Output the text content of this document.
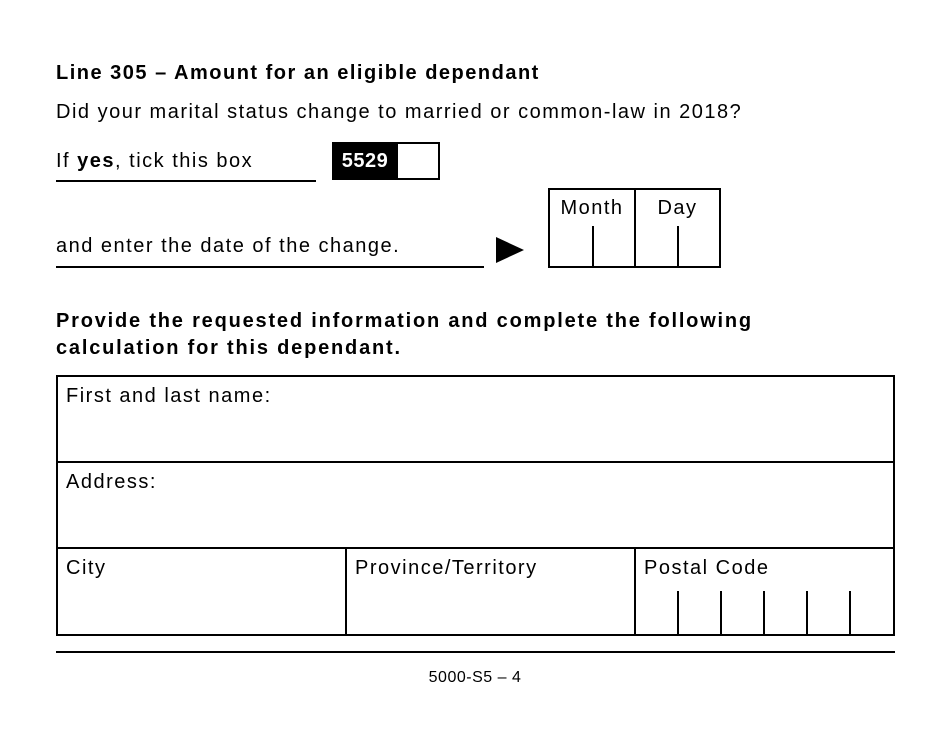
Line 305 – Amount for an eligible dependant
Did your marital status change to married or common-law in 2018?
If yes, tick this box	5529
and enter the date of the change.
Month	Day
Provide the requested information and complete the following
calculation for this dependant.
First and last name:
Address:
City	Province/Territory	Postal Code
5000-S5 – 4
